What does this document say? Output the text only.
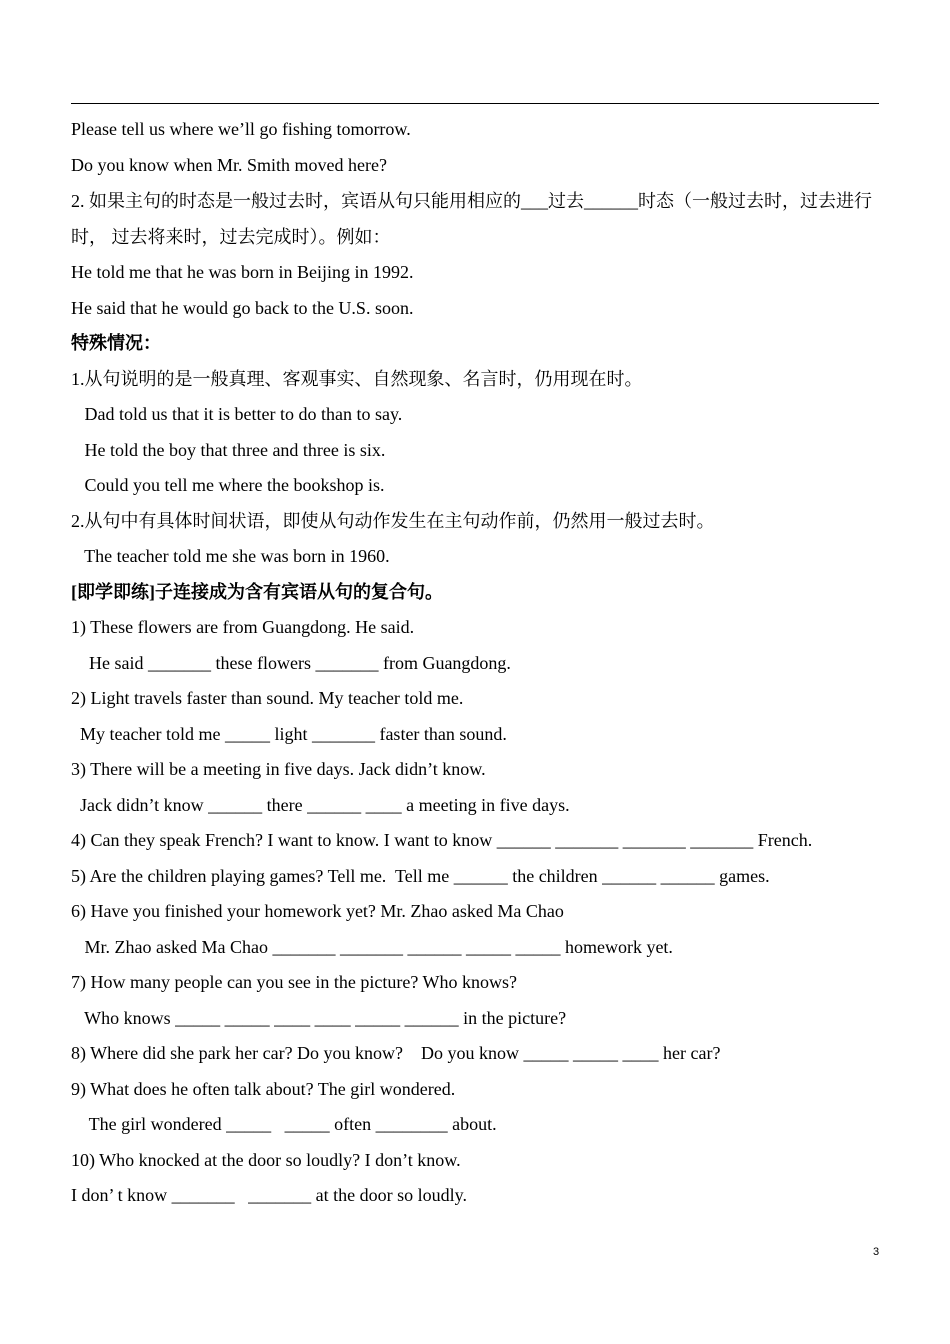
Please tell us where we’ll go fishing tomorrow.
Do you know when Mr. Smith moved here?
2. 如果主句的时态是一般过去时，宾语从句只能用相应的___过去______时态（一般过去时，过去进行时， 过去将来时，过去完成时）。例如：
He told me that he was born in Beijing in 1992.
He said that he would go back to the U.S. soon.
特殊情况：
1.从句说明的是一般真理、客观事实、自然现象、名言时，仍用现在时。
Dad told us that it is better to do than to say.
He told the boy that three and three is six.
Could you tell me where the bookshop is.
2.从句中有具体时间状语，即使从句动作发生在主句动作前，仍然用一般过去时。
The teacher told me she was born in 1960.
[即学即练]子连接成为含有宾语从句的复合句。
1) These flowers are from Guangdong. He said.
He said _______ these flowers _______ from Guangdong.
2) Light travels faster than sound. My teacher told me.
My teacher told me _____ light _______ faster than sound.
3) There will be a meeting in five days. Jack didn’t know.
Jack didn’t know ______ there ______ ____ a meeting in five days.
4) Can they speak French? I want to know. I want to know ______ _______ _______ _______ French.
5) Are the children playing games? Tell me.  Tell me ______ the children ______ ______ games.
6) Have you finished your homework yet? Mr. Zhao asked Ma Chao
Mr. Zhao asked Ma Chao _______ _______ ______ _____ _____ homework yet.
7) How many people can you see in the picture? Who knows?
Who knows _____ _____ ____ ____ _____ ______ in the picture?
8) Where did she park her car? Do you know?    Do you know _____ _____ ____ her car?
9) What does he often talk about? The girl wondered.
The girl wondered _____   _____ often ________ about.
10) Who knocked at the door so loudly? I don’t know.
I don’ t know _______   _______ at the door so loudly.
3
